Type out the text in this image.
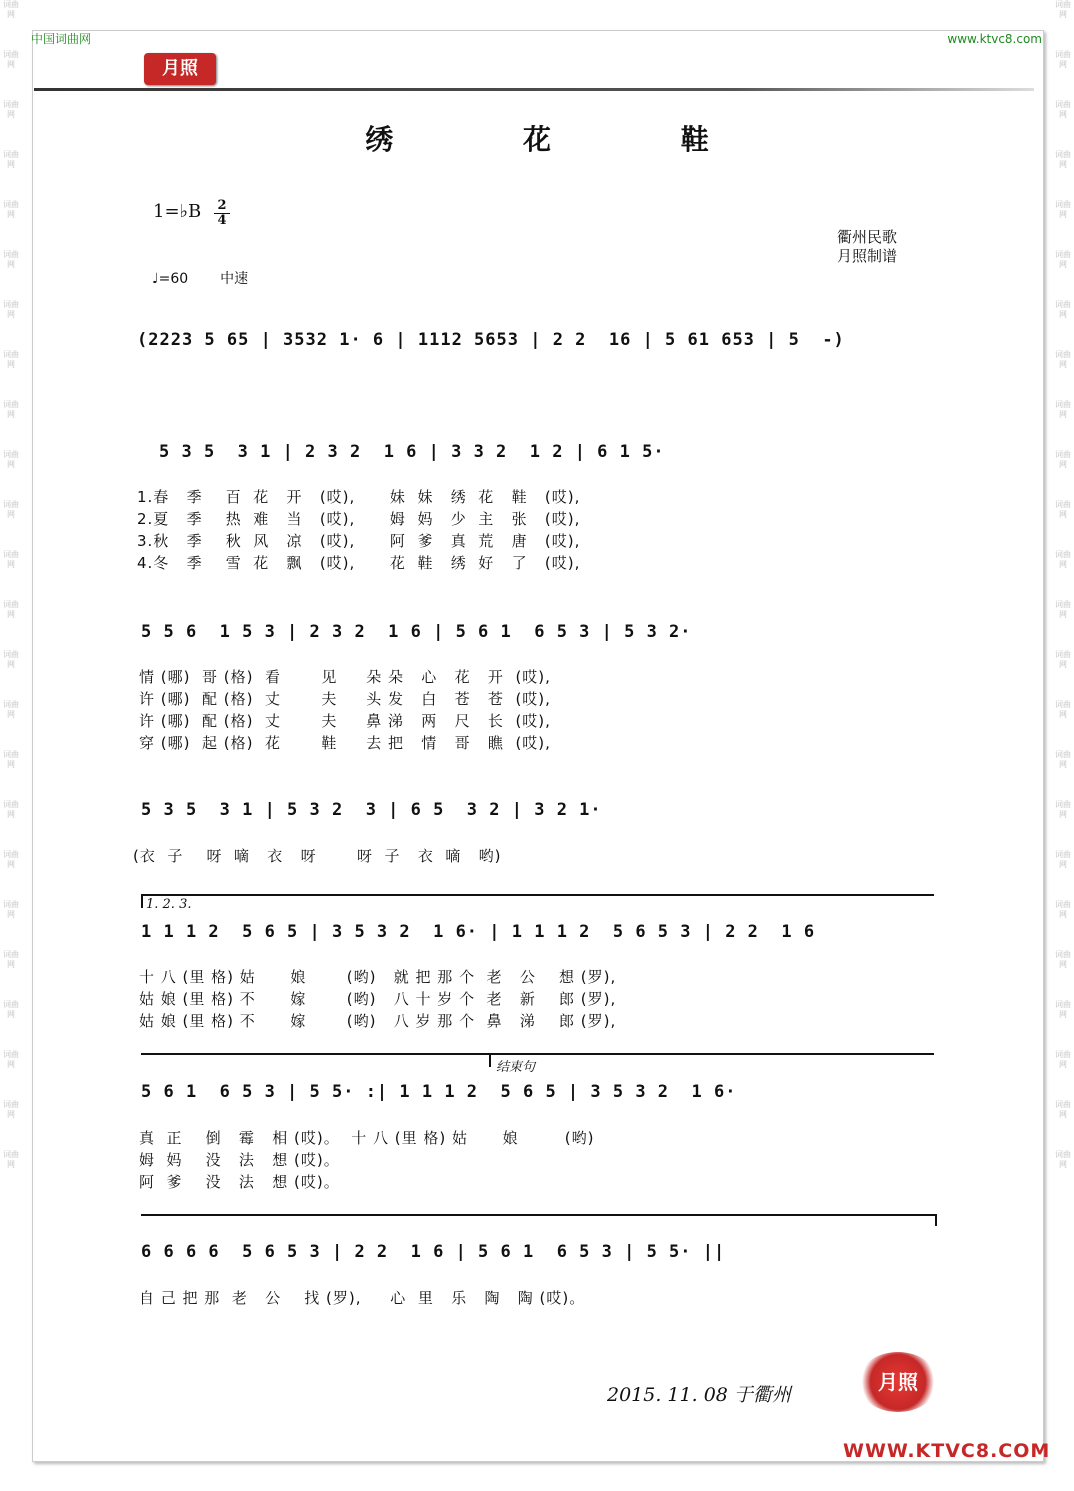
词曲网
词曲网
词曲网
词曲网
词曲网
词曲网
词曲网
词曲网
词曲网
词曲网
词曲网
词曲网
词曲网
词曲网
词曲网
词曲网
词曲网
词曲网
词曲网
词曲网
词曲网
词曲网
词曲网
词曲网
词曲网
词曲网
词曲网
词曲网
词曲网
词曲网
词曲网
词曲网
词曲网
词曲网
词曲网
词曲网
词曲网
词曲网
词曲网
词曲网
词曲网
词曲网
词曲网
词曲网
词曲网
词曲网
词曲网
词曲网
中国词曲网	www.ktvc8.com
月照
绣 花 鞋
1=♭B 2
4
♩=60 中速
衢州民歌
月照制谱
(2223 5 65 | 3532 1· 6 | 1112 5653 | 2 2  16 | 5 61 653 | 5  -)
5 3 5  3 1 | 2 3 2  1 6 | 3 3 2  1 2 | 6 1 5·
1.春   季    百  花   开   (哎),      妹  妹   绣  花   鞋   (哎),
2.夏   季    热  难   当   (哎),      姆  妈   少  主   张   (哎),
3.秋   季    秋  风   凉   (哎),      阿  爹   真  荒   唐   (哎),
4.冬   季    雪  花   飘   (哎),      花  鞋   绣  好   了   (哎),
5 5 6  1 5 3 | 2 3 2  1 6 | 5 6 1  6 5 3 | 5 3 2·
情 (哪)  哥 (格)  看       见     朵 朵   心   花   开  (哎),
许 (哪)  配 (格)  丈       夫     头 发   白   苍   苍  (哎),
许 (哪)  配 (格)  丈       夫     鼻 涕   两   尺   长  (哎),
穿 (哪)  起 (格)  花       鞋     去 把   情   哥   瞧  (哎),
5 3 5  3 1 | 5 3 2  3 | 6 5  3 2 | 3 2 1·
(衣  子    呀  嘀   衣   呀       呀  子   衣  嘀   哟)
1. 2. 3.
1 1 1 2  5 6 5 | 3 5 3 2  1 6· | 1 1 1 2  5 6 5 3 | 2 2  1 6
十 八 (里 格) 姑      娘       (哟)   就 把 那 个  老   公    想 (罗),
姑 娘 (里 格) 不      嫁       (哟)   八 十 岁 个  老   新    郎 (罗),
姑 娘 (里 格) 不      嫁       (哟)   八 岁 那 个  鼻   涕    郎 (罗),
结束句
5 6 1  6 5 3 | 5 5· :| 1 1 1 2  5 6 5 | 3 5 3 2  1 6·
真  正    倒   霉   相 (哎)。  十 八 (里 格) 姑      娘        (哟)
姆  妈    没   法   想 (哎)。
阿  爹    没   法   想 (哎)。
6 6 6 6  5 6 5 3 | 2 2  1 6 | 5 6 1  6 5 3 | 5 5· ||
自 己 把 那  老   公    找 (罗),     心  里   乐   陶   陶 (哎)。
2015. 11. 08 于衢州
月照
WWW.KTVC8.COM
